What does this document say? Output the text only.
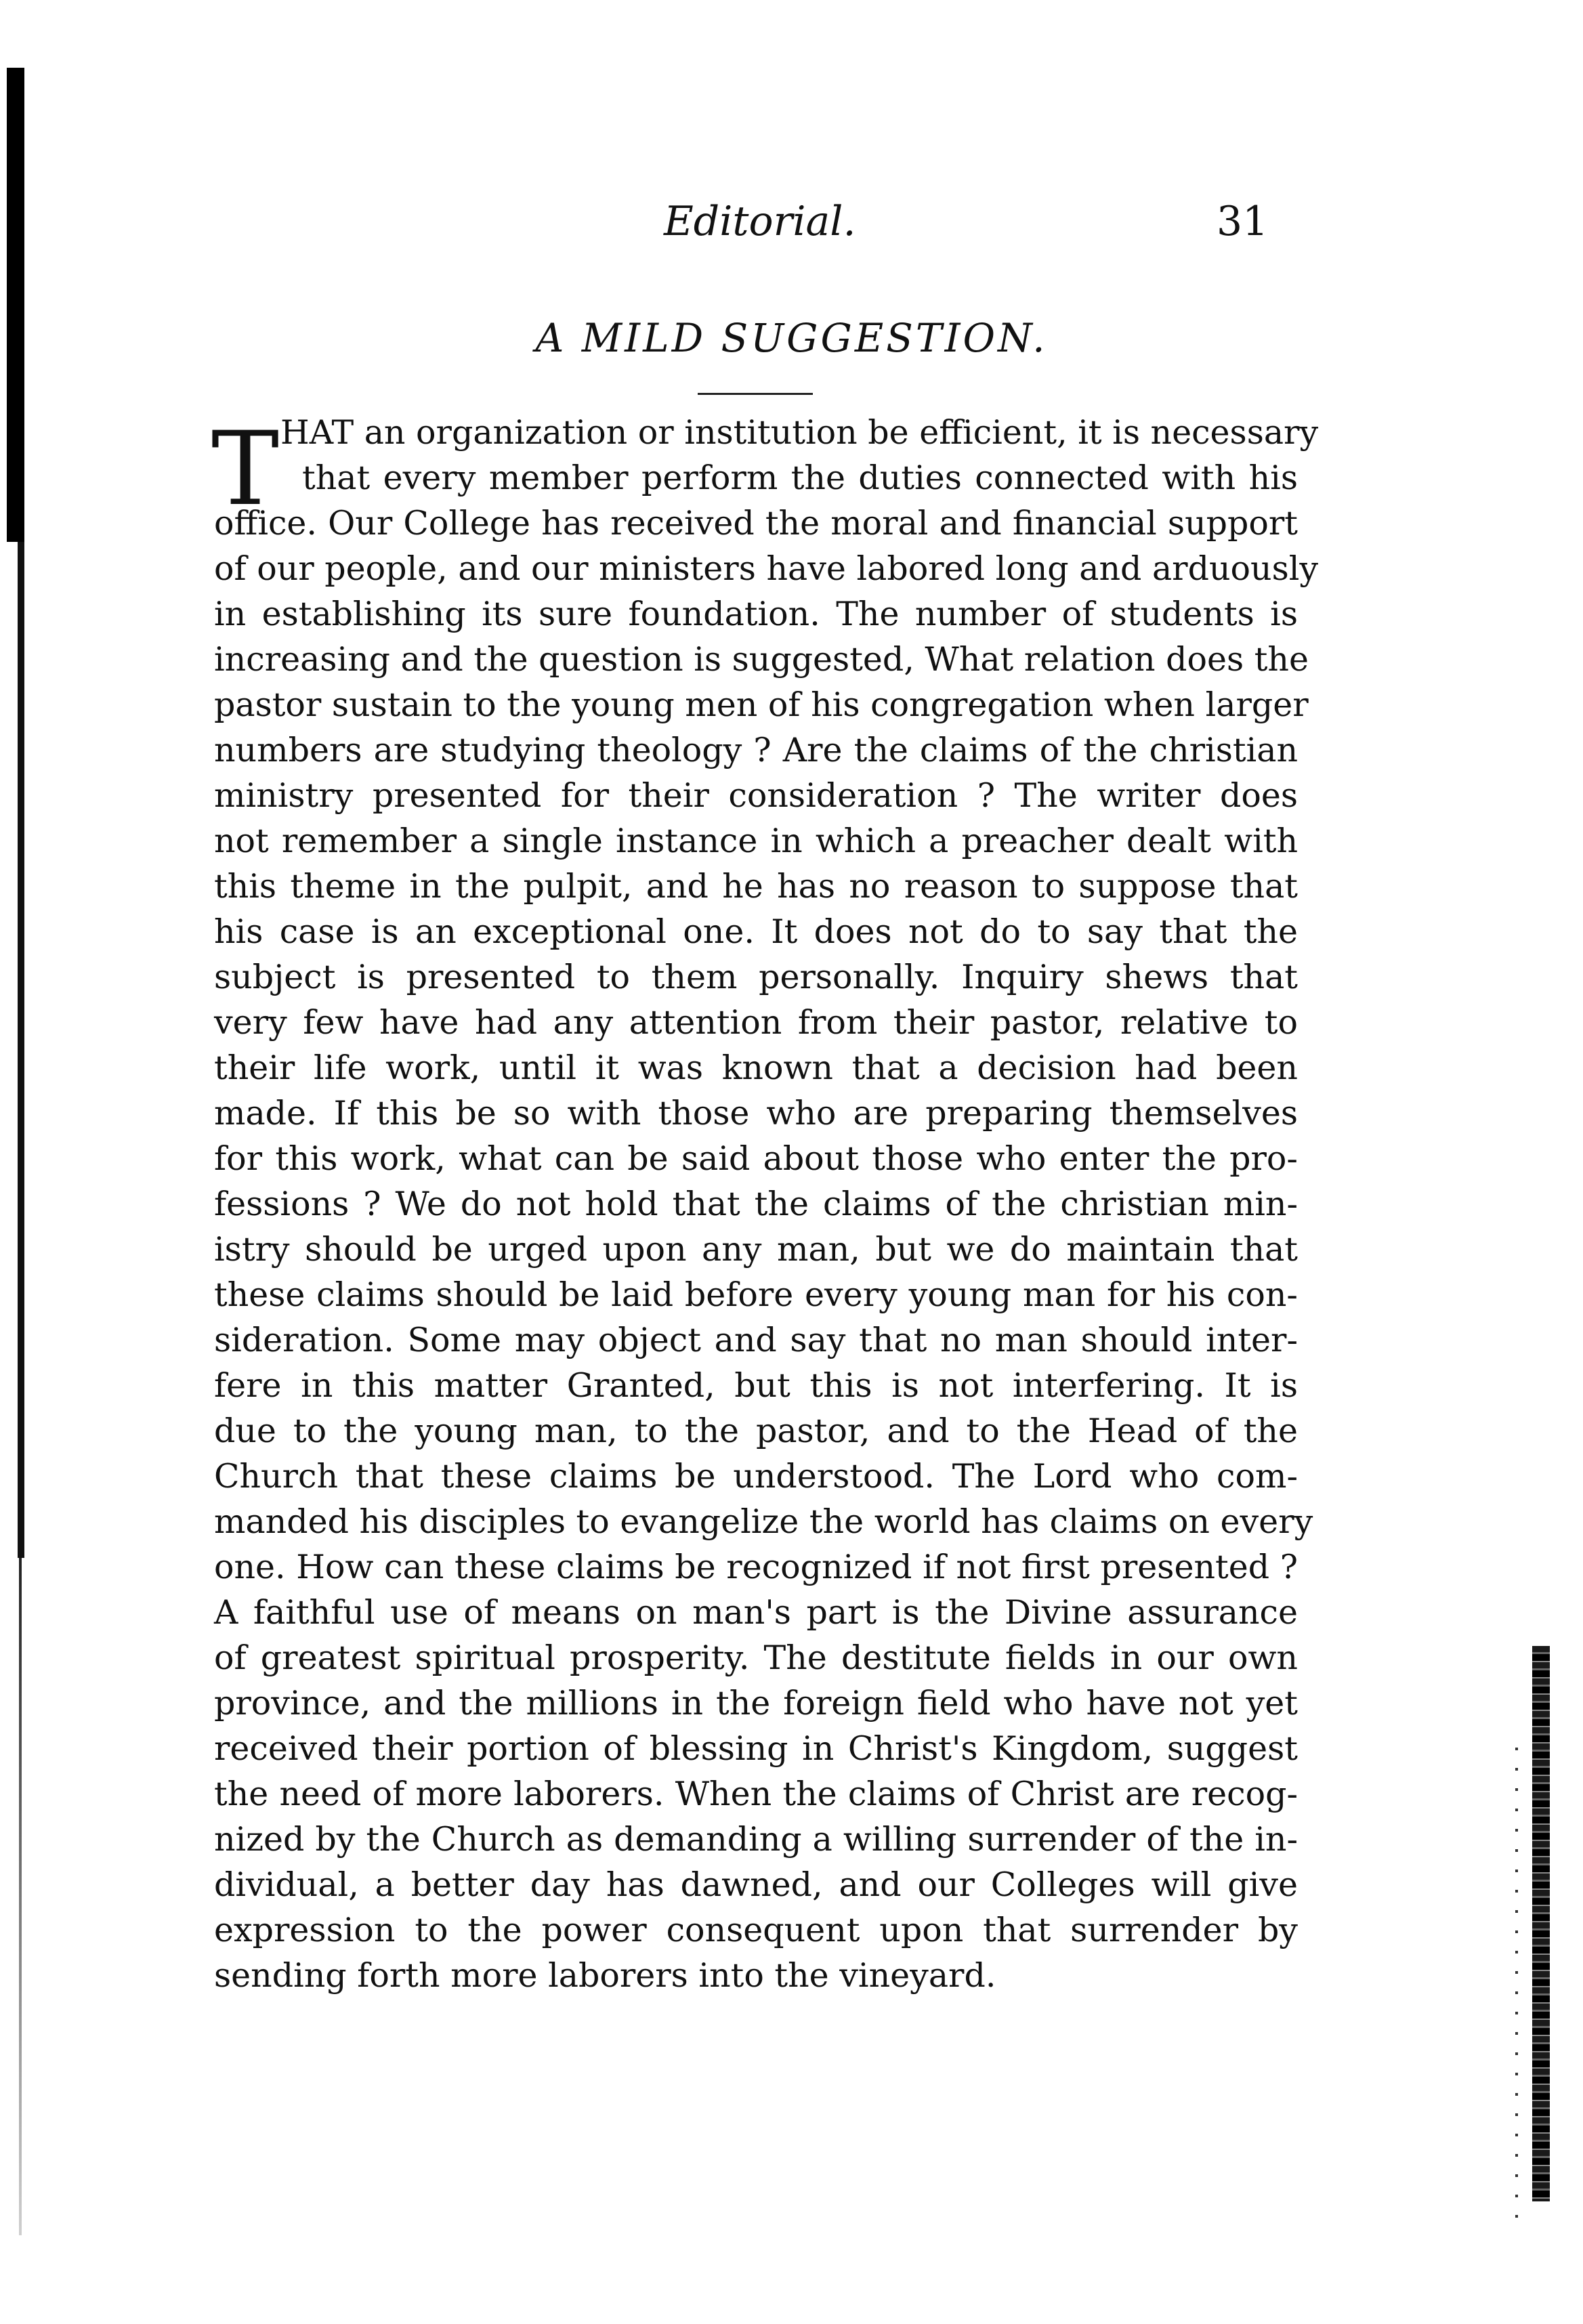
Editorial.	31
A MILD SUGGESTION.
T HAT an organization or institution be efficient, it is necessary
that every member perform the duties connected with his
office. Our College has received the moral and financial support
of our people, and our ministers have labored long and arduously
in establishing its sure foundation. The number of students is
increasing and the question is suggested, What relation does the
pastor sustain to the young men of his congregation when larger
numbers are studying theology ? Are the claims of the christian
ministry presented for their consideration ? The writer does
not remember a single instance in which a preacher dealt with
this theme in the pulpit, and he has no reason to suppose that
his case is an exceptional one. It does not do to say that the
subject is presented to them personally. Inquiry shews that
very few have had any attention from their pastor, relative to
their life work, until it was known that a decision had been
made. If this be so with those who are preparing themselves
for this work, what can be said about those who enter the pro-
fessions ? We do not hold that the claims of the christian min-
istry should be urged upon any man, but we do maintain that
these claims should be laid before every young man for his con-
sideration. Some may object and say that no man should inter-
fere in this matter Granted, but this is not interfering. It is
due to the young man, to the pastor, and to the Head of the
Church that these claims be understood. The Lord who com-
manded his disciples to evangelize the world has claims on every
one. How can these claims be recognized if not first presented ?
A faithful use of means on man's part is the Divine assurance
of greatest spiritual prosperity. The destitute fields in our own
province, and the millions in the foreign field who have not yet
received their portion of blessing in Christ's Kingdom, suggest
the need of more laborers. When the claims of Christ are recog-
nized by the Church as demanding a willing surrender of the in-
dividual, a better day has dawned, and our Colleges will give
expression to the power consequent upon that surrender by
sending forth more laborers into the vineyard.
